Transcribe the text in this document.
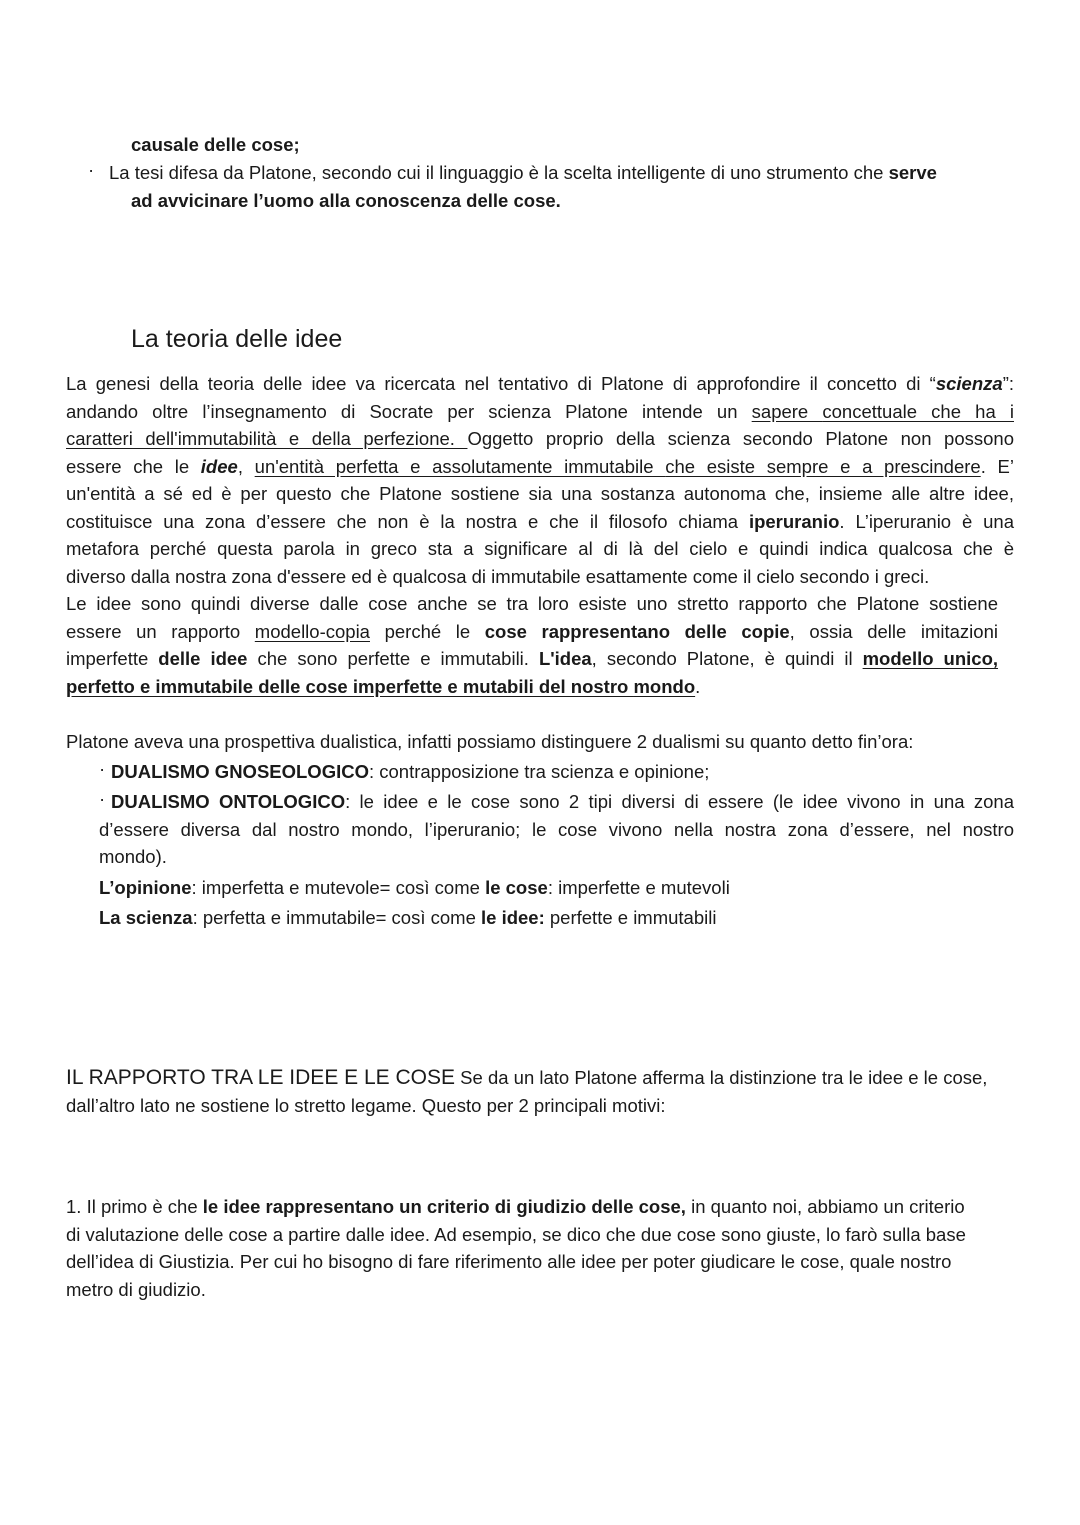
causale delle cose;
· La tesi difesa da Platone, secondo cui il linguaggio è la scelta intelligente di uno strumento che serve
ad avvicinare l’uomo alla conoscenza delle cose.
La teoria delle idee
La genesi della teoria delle idee va ricercata nel tentativo di Platone di approfondire il concetto di “scienza”:
andando oltre l’insegnamento di Socrate per scienza Platone intende un sapere concettuale che ha i
caratteri dell'immutabilità e della perfezione. Oggetto proprio della scienza secondo Platone non possono
essere che le idee, un'entità perfetta e assolutamente immutabile che esiste sempre e a prescindere. E’
un'entità a sé ed è per questo che Platone sostiene sia una sostanza autonoma che, insieme alle altre idee,
costituisce una zona d’essere che non è la nostra e che il filosofo chiama iperuranio. L’iperuranio è una
metafora perché questa parola in greco sta a significare al di là del cielo e quindi indica qualcosa che è
diverso dalla nostra zona d'essere ed è qualcosa di immutabile esattamente come il cielo secondo i greci.
Le idee sono quindi diverse dalle cose anche se tra loro esiste uno stretto rapporto che Platone sostiene
essere un rapporto modello-copia perché le cose rappresentano delle copie, ossia delle imitazioni
imperfette delle idee che sono perfette e immutabili. L'idea, secondo Platone, è quindi il modello unico,
perfetto e immutabile delle cose imperfette e mutabili del nostro mondo.
Platone aveva una prospettiva dualistica, infatti possiamo distinguere 2 dualismi su quanto detto fin’ora:
· DUALISMO GNOSEOLOGICO: contrapposizione tra scienza e opinione;
· DUALISMO ONTOLOGICO: le idee e le cose sono 2 tipi diversi di essere (le idee vivono in una zona
d’essere diversa dal nostro mondo, l’iperuranio; le cose vivono nella nostra zona d’essere, nel nostro
mondo).
L’opinione: imperfetta e mutevole= così come le cose: imperfette e mutevoli
La scienza: perfetta e immutabile= così come le idee: perfette e immutabili
IL RAPPORTO TRA LE IDEE E LE COSE Se da un lato Platone afferma la distinzione tra le idee e le cose,
dall’altro lato ne sostiene lo stretto legame. Questo per 2 principali motivi:
1. Il primo è che le idee rappresentano un criterio di giudizio delle cose, in quanto noi, abbiamo un criterio
di valutazione delle cose a partire dalle idee. Ad esempio, se dico che due cose sono giuste, lo farò sulla base
dell’idea di Giustizia. Per cui ho bisogno di fare riferimento alle idee per poter giudicare le cose, quale nostro
metro di giudizio.
